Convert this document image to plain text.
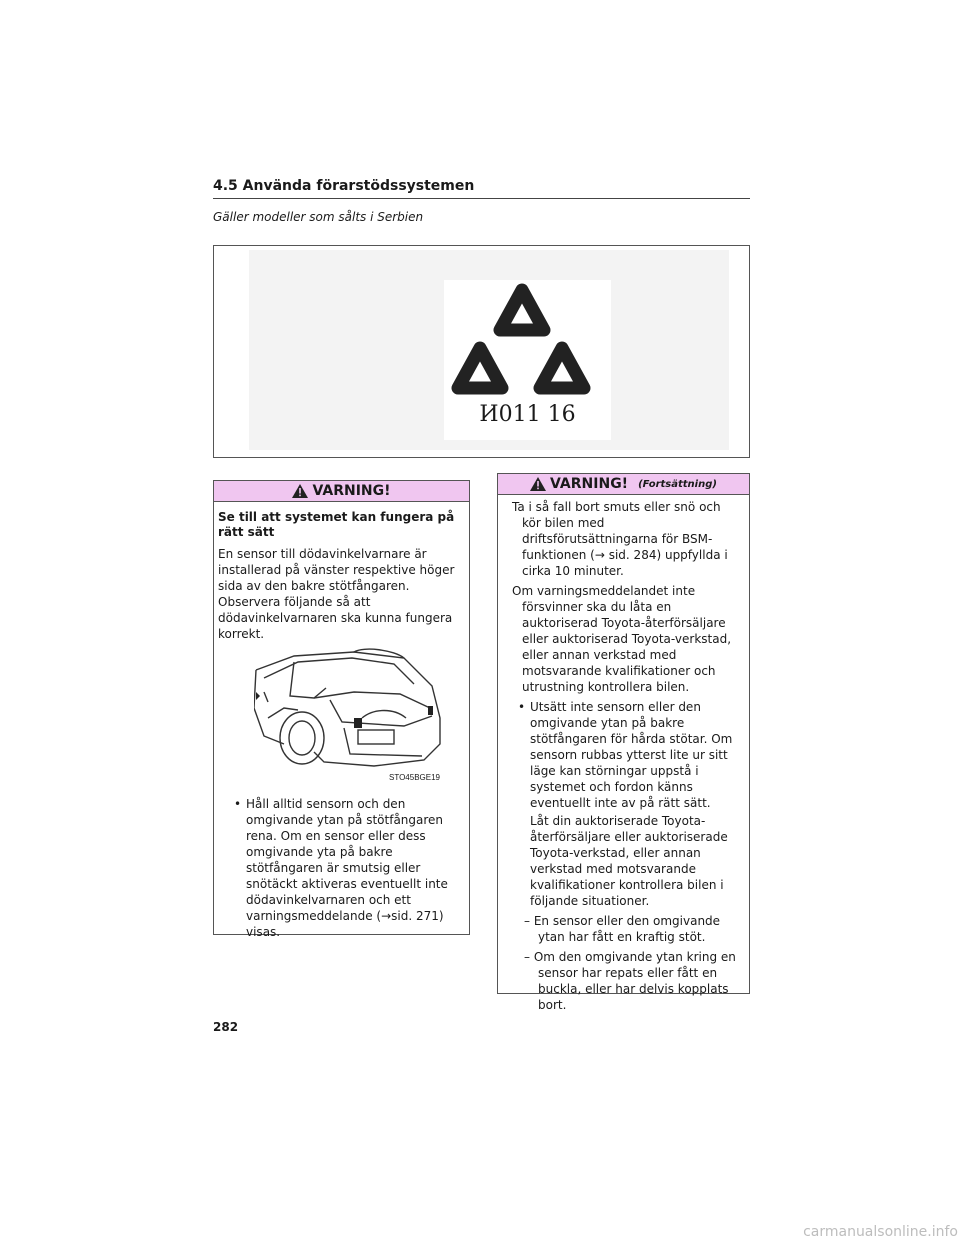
4.5 Använda förarstödssystemen
Gäller modeller som sålts i Serbien
И011 16
VARNING!
Se till att systemet kan fungera på rätt sätt

En sensor till dödavinkelvarnare är installerad på vänster respektive höger sida av den bakre stötfångaren. Observera följande så att dödavinkelvarnaren ska kunna fungera korrekt.

STO45BGE19
• Håll alltid sensorn och den omgivande ytan på stötfångaren rena. Om en sensor eller dess omgivande yta på bakre stötfångaren är smutsig eller snötäckt aktiveras eventuellt inte dödavinkelvarnaren och ett varningsmeddelande (→sid. 271) visas.
VARNING! (Fortsättning)

Ta i så fall bort smuts eller snö och kör bilen med driftsförutsättningarna för BSM-funktionen (→ sid. 284) uppfyllda i cirka 10 minuter.

Om varningsmeddelandet inte försvinner ska du låta en auktoriserad Toyota-återförsäljare eller auktoriserad Toyota-verkstad, eller annan verkstad med motsvarande kvalifikationer och utrustning kontrollera bilen.

• Utsätt inte sensorn eller den omgivande ytan på bakre stötfångaren för hårda stötar. Om sensorn rubbas ytterst lite ur sitt läge kan störningar uppstå i systemet och fordon känns eventuellt inte av på rätt sätt.

Låt din auktoriserade Toyota-återförsäljare eller auktoriserade Toyota-verkstad, eller annan verkstad med motsvarande kvalifikationer kontrollera bilen i följande situationer.

– En sensor eller den omgivande ytan har fått en kraftig stöt.

– Om den omgivande ytan kring en sensor har repats eller fått en buckla, eller har delvis kopplats bort.

282
carmanualsonline.info
